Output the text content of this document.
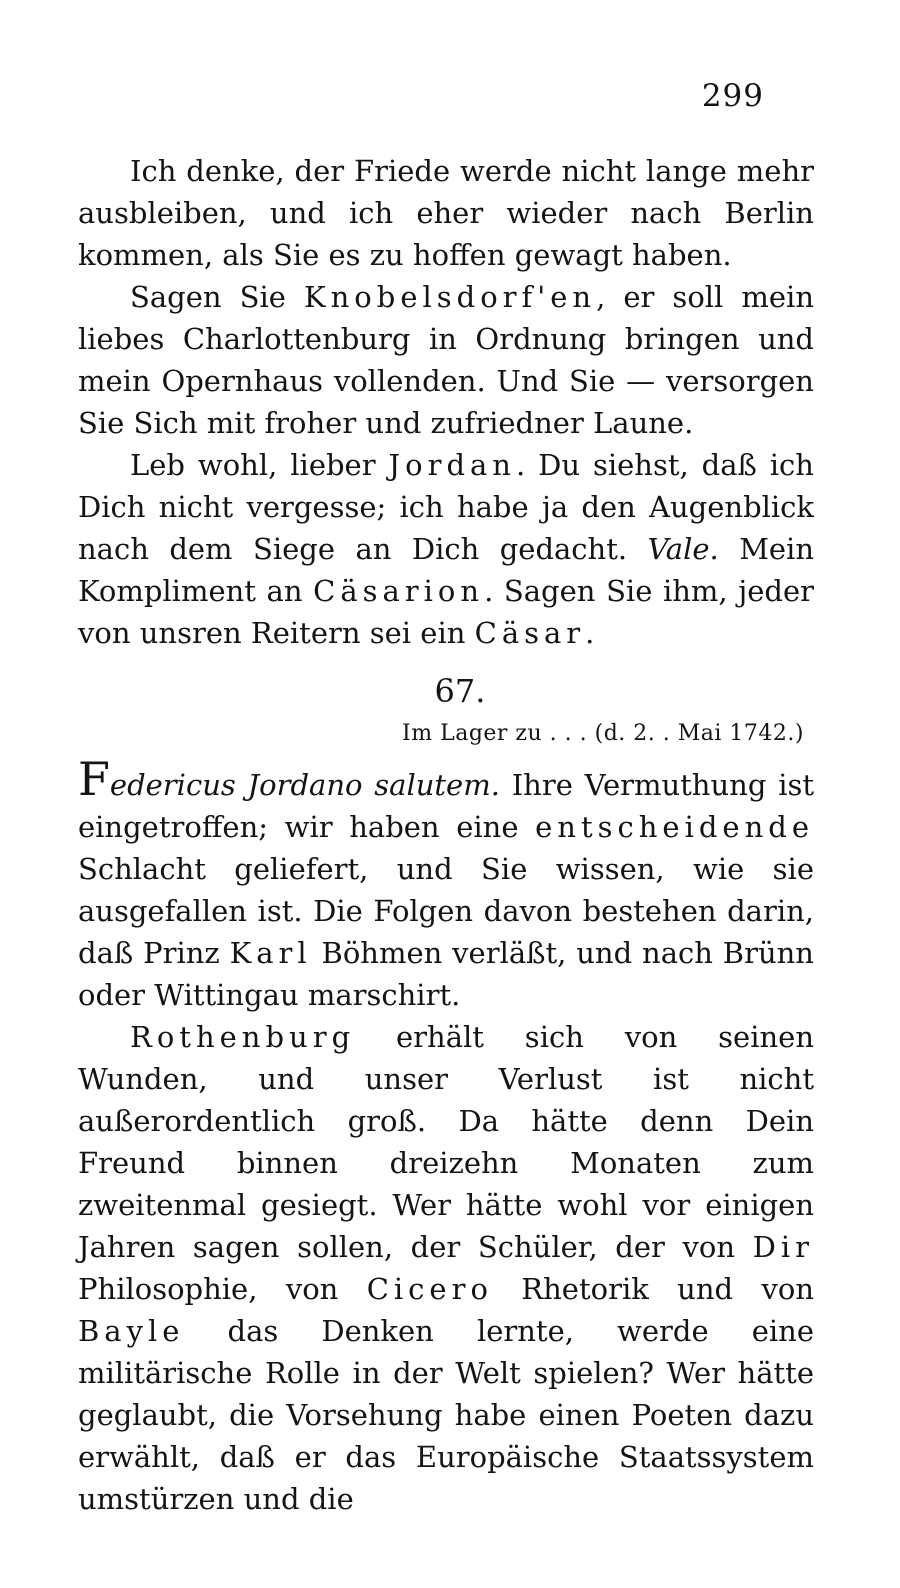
299

Ich denke, der Friede werde nicht lange mehr ausbleiben, und ich eher wieder nach Berlin kommen, als Sie es zu hoffen gewagt haben.

Sagen Sie Knobelsdorf'en, er soll mein liebes Charlottenburg in Ordnung bringen und mein Opernhaus vollenden. Und Sie — versorgen Sie Sich mit froher und zufriedner Laune.

Leb wohl, lieber Jordan. Du siehst, daß ich Dich nicht vergesse; ich habe ja den Augenblick nach dem Siege an Dich gedacht. Vale. Mein Kompliment an Cäsarion. Sagen Sie ihm, jeder von unsren Reitern sei ein Cäsar.

67.
Im Lager zu . . . (d. 2. . Mai 1742.)

Federicus Jordano salutem. Ihre Vermuthung ist eingetroffen; wir haben eine entscheidende Schlacht geliefert, und Sie wissen, wie sie ausgefallen ist. Die Folgen davon bestehen darin, daß Prinz Karl Böhmen verläßt, und nach Brünn oder Wittingau marschirt.

Rothenburg erhält sich von seinen Wunden, und unser Verlust ist nicht außerordentlich groß. Da hätte denn Dein Freund binnen dreizehn Monaten zum zweitenmal gesiegt. Wer hätte wohl vor einigen Jahren sagen sollen, der Schüler, der von Dir Philosophie, von Cicero Rhetorik und von Bayle das Denken lernte, werde eine militärische Rolle in der Welt spielen? Wer hätte geglaubt, die Vorsehung habe einen Poeten dazu erwählt, daß er das Europäische Staatssystem umstürzen und die
